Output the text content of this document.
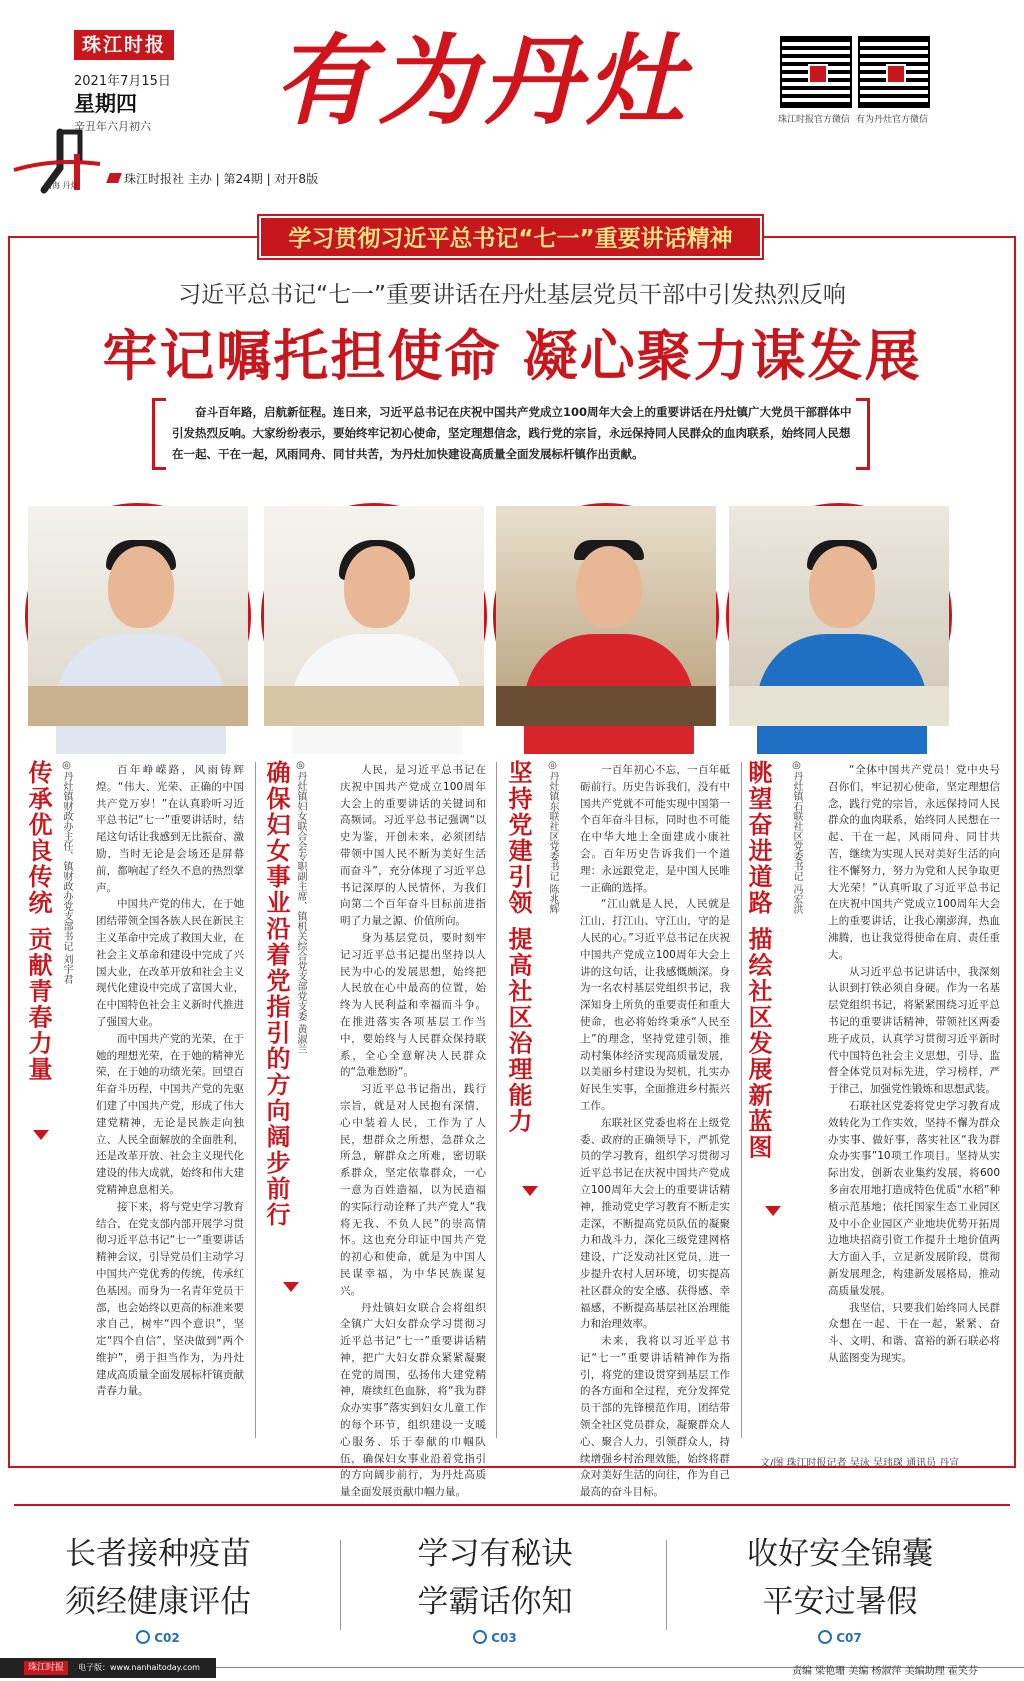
珠江时报
2021年7月15日
星期四
辛丑年六月初六 有为丹灶	珠江时报官方微信 有为丹灶官方微信
南海 丹灶	珠江时报社 主办 | 第24期 | 对开8版
学习贯彻习近平总书记“七一”重要讲话精神
习近平总书记“七一”重要讲话在丹灶基层党员干部中引发热烈反响
牢记嘱托担使命 凝心聚力谋发展
奋斗百年路，启航新征程。连日来，习近平总书记在庆祝中国共产党成立100周年大会上的重要讲话在丹灶镇广大党员干部群体中引发热烈反响。大家纷纷表示，要始终牢记初心使命，坚定理想信念，践行党的宗旨，永远保持同人民群众的血肉联系，始终同人民想在一起、干在一起，风雨同舟、同甘共苦，为丹灶加快建设高质量全面发展标杆镇作出贡献。
传承优良传统 贡献青春力量 ◎丹灶镇财政办主任、镇财政办党支部书记 刘宇君	百年峥嵘路，风雨铸辉煌。“伟大、光荣、正确的中国共产党万岁！”在认真聆听习近平总书记“七一”重要讲话时，结尾这句话让我感到无比振奋、激励，当时无论是会场还是屏幕前，都响起了经久不息的热烈掌声。

中国共产党的伟大，在于她团结带领全国各族人民在新民主主义革命中完成了救国大业，在社会主义革命和建设中完成了兴国大业，在改革开放和社会主义现代化建设中完成了富国大业，在中国特色社会主义新时代推进了强国大业。

而中国共产党的光荣，在于她的理想光荣，在于她的精神光荣，在于她的功绩光荣。回望百年奋斗历程，中国共产党的先驱们建了中国共产党，形成了伟大建党精神，无论是民族走向独立、人民全面解放的全面胜利，还是改革开放、社会主义现代化建设的伟大成就，始终和伟大建党精神息息相关。

接下来，将与党史学习教育结合，在党支部内部开展学习贯彻习近平总书记“七一”重要讲话精神会议，引导党员们主动学习中国共产党优秀的传统，传承红色基因。而身为一名青年党员干部，也会始终以更高的标准来要求自己，树牢“四个意识”，坚定“四个自信”，坚决做到“两个维护”，勇于担当作为，为丹灶建成高质量全面发展标杆镇贡献青春力量。

确保妇女事业沿着党指引的方向阔步前行 ◎丹灶镇妇女联合会专职副主席、镇机关综合党支部党支委 黄淑兰	人民，是习近平总书记在庆祝中国共产党成立100周年大会上的重要讲话的关键词和高频词。习近平总书记强调“以史为鉴，开创未来，必须团结带领中国人民不断为美好生活而奋斗”，充分体现了习近平总书记深厚的人民情怀，为我们向第二个百年奋斗目标前进指明了力量之源、价值所向。

身为基层党员，要时刻牢记习近平总书记提出坚持以人民为中心的发展思想，始终把人民放在心中最高的位置，始终为人民利益和幸福而斗争。在推进落实各项基层工作当中，要始终与人民群众保持联系，全心全意解决人民群众的“急难愁盼”。

习近平总书记指出，践行宗旨，就是对人民抱有深情，心中装着人民，工作为了人民，想群众之所想，急群众之所急，解群众之所难，密切联系群众，坚定依靠群众，一心一意为百姓造福，以为民造福的实际行动诠释了共产党人“我将无我、不负人民”的崇高情怀。这也充分印证中国共产党的初心和使命，就是为中国人民谋幸福，为中华民族谋复兴。

丹灶镇妇女联合会将组织全镇广大妇女群众学习贯彻习近平总书记“七一”重要讲话精神，把广大妇女群众紧紧凝聚在党的周围，弘扬伟大建党精神，赓续红色血脉，将“我为群众办实事”落实到妇女儿童工作的每个环节，组织建设一支暖心服务、乐于奉献的巾帼队伍，确保妇女事业沿着党指引的方向阔步前行，为丹灶高质量全面发展贡献巾帼力量。

坚持党建引领 提高社区治理能力 ◎丹灶镇东联社区党委书记 陈兆辉	一百年初心不忘，一百年砥砺前行。历史告诉我们，没有中国共产党就不可能实现中国第一个百年奋斗目标，同时也不可能在中华大地上全面建成小康社会。百年历史告诉我们一个道理：永远跟党走，是中国人民唯一正确的选择。

“江山就是人民，人民就是江山，打江山、守江山，守的是人民的心。”习近平总书记在庆祝中国共产党成立100周年大会上讲的这句话，让我感慨颇深。身为一名农村基层党组织书记，我深知身上所负的重要责任和重大使命，也必将始终秉承“人民至上”的理念，坚持党建引领，推动村集体经济实现高质量发展，以美丽乡村建设为契机，扎实办好民生实事，全面推进乡村振兴工作。

东联社区党委也将在上级党委、政府的正确领导下，严抓党员的学习教育，组织学习贯彻习近平总书记在庆祝中国共产党成立100周年大会上的重要讲话精神，推动党史学习教育不断走实走深，不断提高党员队伍的凝聚力和战斗力，深化三级党建网格建设，广泛发动社区党员，进一步提升农村人居环境，切实提高社区群众的安全感、获得感、幸福感，不断提高基层社区治理能力和治理效率。

未来，我将以习近平总书记“七一”重要讲话精神作为指引，将党的建设贯穿到基层工作的各方面和全过程，充分发挥党员干部的先锋模范作用，团结带领全社区党员群众，凝聚群众人心、聚合人力，引领群众人，持续增强乡村治理效能，始终将群众对美好生活的向往，作为自己最高的奋斗目标。

眺望奋进道路 描绘社区发展新蓝图 ◎丹灶镇石联社区党委书记 冯宏洪	“全体中国共产党员！党中央号召你们，牢记初心使命，坚定理想信念，践行党的宗旨，永远保持同人民群众的血肉联系，始终同人民想在一起、干在一起，风雨同舟、同甘共苦，继续为实现人民对美好生活的向往不懈努力，努力为党和人民争取更大光荣！”认真听取了习近平总书记在庆祝中国共产党成立100周年大会上的重要讲话，让我心潮澎湃，热血沸腾，也让我觉得使命在肩、责任重大。

从习近平总书记讲话中，我深刻认识到打铁必须自身硬。作为一名基层党组织书记，将紧紧围绕习近平总书记的重要讲话精神，带领社区两委班子成员，认真学习贯彻习近平新时代中国特色社会主义思想，引导、监督全体党员对标先进，学习榜样，严于律己，加强党性锻炼和思想武装。

石联社区党委将党史学习教育成效转化为工作实效，坚持不懈为群众办实事、做好事，落实社区“我为群众办实事”10项工作项目。坚持从实际出发，创新农业集约发展，将600多亩农用地打造成特色优质“水稻”种植示范基地；依托国家生态工业园区及中小企业园区产业地块优势开拓周边地块招商引资工作提升土地价值两大方面入手，立足新发展阶段，贯彻新发展理念，构建新发展格局，推动高质量发展。

我坚信，只要我们始终同人民群众想在一起、干在一起，紧紧、奋斗、文明、和谐、富裕的新石联必将从蓝图变为现实。

文/图 珠江时报记者 吴泳 吴玮琛 通讯员 丹宣
长者接种疫苗
须经健康评估
C02
学习有秘诀
学霸话你知
C03
收好安全锦囊
平安过暑假
C07
珠江时报	电子版：www.nanhaitoday.com	责编 梁艳珊 美编 杨淑萍 美编助理 霍笑芬
